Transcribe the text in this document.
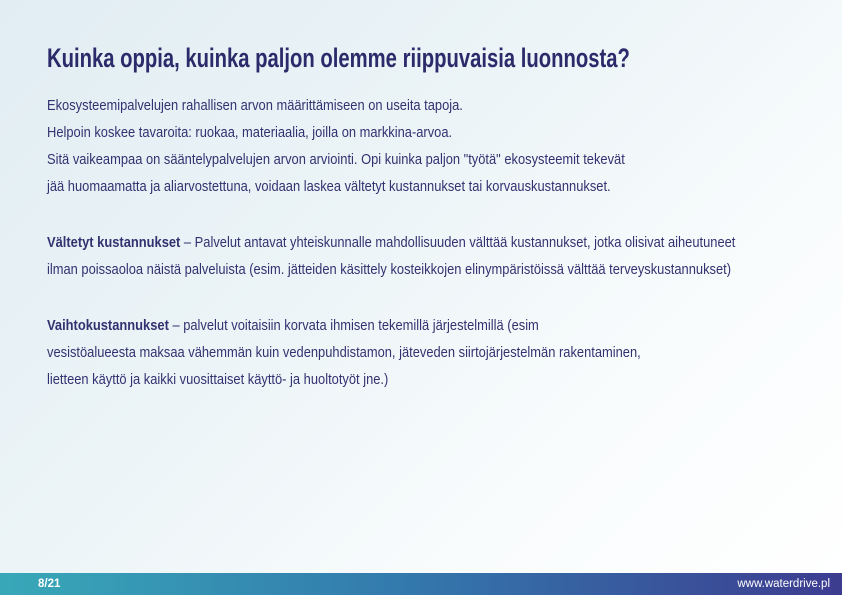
Kuinka oppia, kuinka paljon olemme riippuvaisia luonnosta?
Ekosysteemipalvelujen rahallisen arvon määrittämiseen on useita tapoja.
Helpoin koskee tavaroita: ruokaa, materiaalia, joilla on markkina-arvoa.
Sitä vaikeampaa on sääntelypalvelujen arvon arviointi. Opi kuinka paljon "työtä" ekosysteemit tekevät
jää huomaamatta ja aliarvostettuna, voidaan laskea vältetyt kustannukset tai korvauskustannukset.
Vältetyt kustannukset – Palvelut antavat yhteiskunnalle mahdollisuuden välttää kustannukset, jotka olisivat aiheutuneet
ilman poissaoloa näistä palveluista (esim. jätteiden käsittely kosteikkojen elinympäristöissä välttää terveyskustannukset)
Vaihtokustannukset – palvelut voitaisiin korvata ihmisen tekemillä järjestelmillä (esim
vesistöalueesta maksaa vähemmän kuin vedenpuhdistamon, jäteveden siirtojärjestelmän rakentaminen,
lietteen käyttö ja kaikki vuosittaiset käyttö- ja huoltotyöt jne.)
8/21	www.waterdrive.pl
